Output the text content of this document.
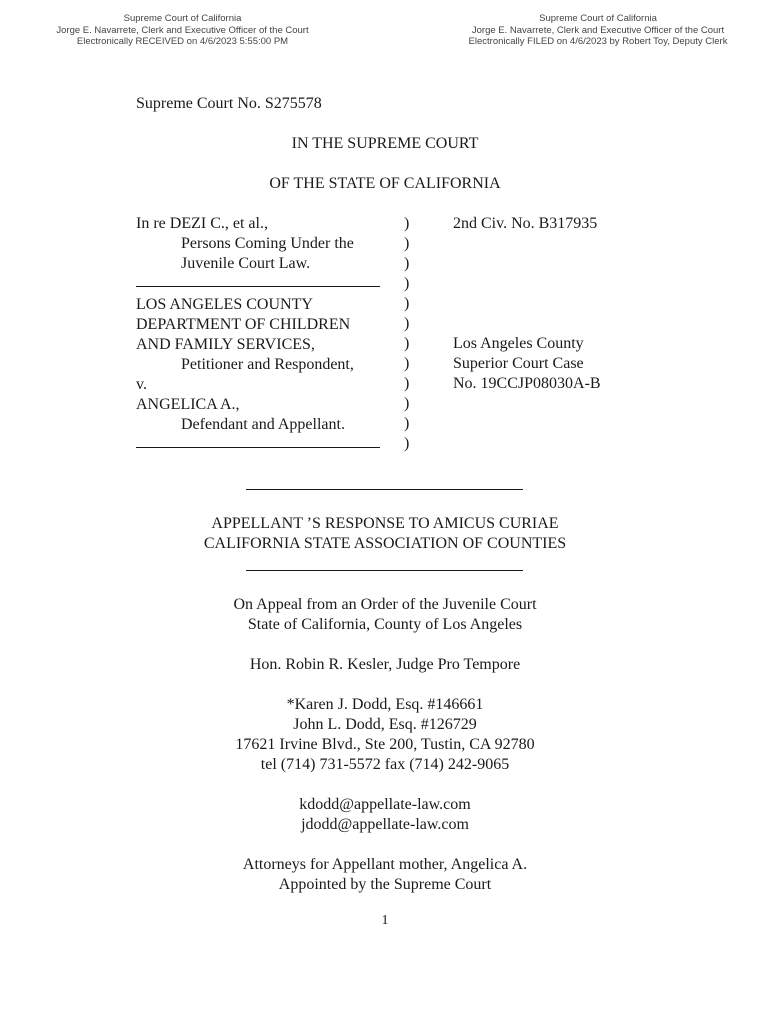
Supreme Court of California
Jorge E. Navarrete, Clerk and Executive Officer of the Court
Electronically RECEIVED on 4/6/2023 5:55:00 PM
Supreme Court of California
Jorge E. Navarrete, Clerk and Executive Officer of the Court
Electronically FILED on 4/6/2023 by Robert Toy, Deputy Clerk
Supreme Court No. S275578
IN THE SUPREME COURT
OF THE STATE OF CALIFORNIA
In re DEZI C., et al.,
Persons Coming Under the
Juvenile Court Law.
LOS ANGELES COUNTY
DEPARTMENT OF CHILDREN
AND FAMILY SERVICES,
Petitioner and Respondent,
v.
ANGELICA A.,
Defendant and Appellant.
)
)
)
)
)
)
)
)
)
)
)
)
2nd Civ. No. B317935
Los Angeles County
Superior Court Case
No. 19CCJP08030A-B
APPELLANT ’S RESPONSE TO AMICUS CURIAE
CALIFORNIA STATE ASSOCIATION OF COUNTIES
On Appeal from an Order of the Juvenile Court
State of California, County of Los Angeles
Hon. Robin R. Kesler, Judge Pro Tempore
*Karen J. Dodd, Esq. #146661
John L. Dodd, Esq. #126729
17621 Irvine Blvd., Ste 200, Tustin, CA 92780
tel (714) 731-5572 fax (714) 242-9065
kdodd@appellate-law.com
jdodd@appellate-law.com
Attorneys for Appellant mother, Angelica A.
Appointed by the Supreme Court
1
